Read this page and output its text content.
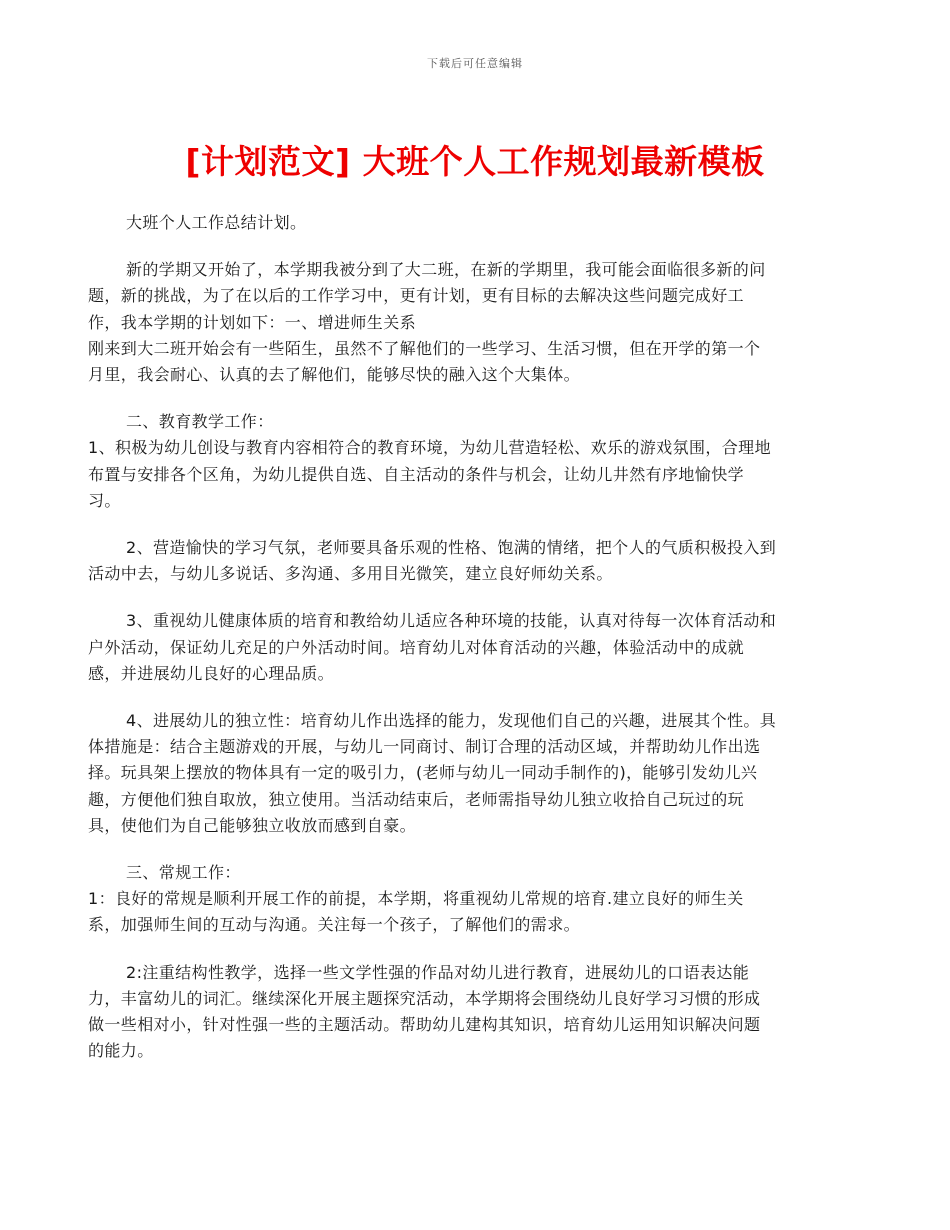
下载后可任意编辑
[计划范文] 大班个人工作规划最新模板

大班个人工作总结计划。

新的学期又开始了，本学期我被分到了大二班，在新的学期里，我可能会面临很多新的问
题，新的挑战，为了在以后的工作学习中，更有计划，更有目标的去解决这些问题完成好工
作，我本学期的计划如下：一、增进师生关系
刚来到大二班开始会有一些陌生，虽然不了解他们的一些学习、生活习惯，但在开学的第一个
月里，我会耐心、认真的去了解他们，能够尽快的融入这个大集体。

二、教育教学工作：
1、积极为幼儿创设与教育内容相符合的教育环境，为幼儿营造轻松、欢乐的游戏氛围，合理地
布置与安排各个区角，为幼儿提供自选、自主活动的条件与机会，让幼儿井然有序地愉快学
习。

2、营造愉快的学习气氛，老师要具备乐观的性格、饱满的情绪，把个人的气质积极投入到
活动中去，与幼儿多说话、多沟通、多用目光微笑，建立良好师幼关系。

3、重视幼儿健康体质的培育和教给幼儿适应各种环境的技能，认真对待每一次体育活动和
户外活动，保证幼儿充足的户外活动时间。培育幼儿对体育活动的兴趣，体验活动中的成就
感，并进展幼儿良好的心理品质。

4、进展幼儿的独立性：培育幼儿作出选择的能力，发现他们自己的兴趣，进展其个性。具
体措施是：结合主题游戏的开展，与幼儿一同商讨、制订合理的活动区域，并帮助幼儿作出选
择。玩具架上摆放的物体具有一定的吸引力，(老师与幼儿一同动手制作的)，能够引发幼儿兴
趣，方便他们独自取放，独立使用。当活动结束后，老师需指导幼儿独立收拾自己玩过的玩
具，使他们为自己能够独立收放而感到自豪。

三、常规工作：
1：良好的常规是顺利开展工作的前提，本学期，将重视幼儿常规的培育.建立良好的师生关
系，加强师生间的互动与沟通。关注每一个孩子，了解他们的需求。

2:注重结构性教学，选择一些文学性强的作品对幼儿进行教育，进展幼儿的口语表达能
力，丰富幼儿的词汇。继续深化开展主题探究活动，本学期将会围绕幼儿良好学习习惯的形成
做一些相对小，针对性强一些的主题活动。帮助幼儿建构其知识，培育幼儿运用知识解决问题
的能力。
